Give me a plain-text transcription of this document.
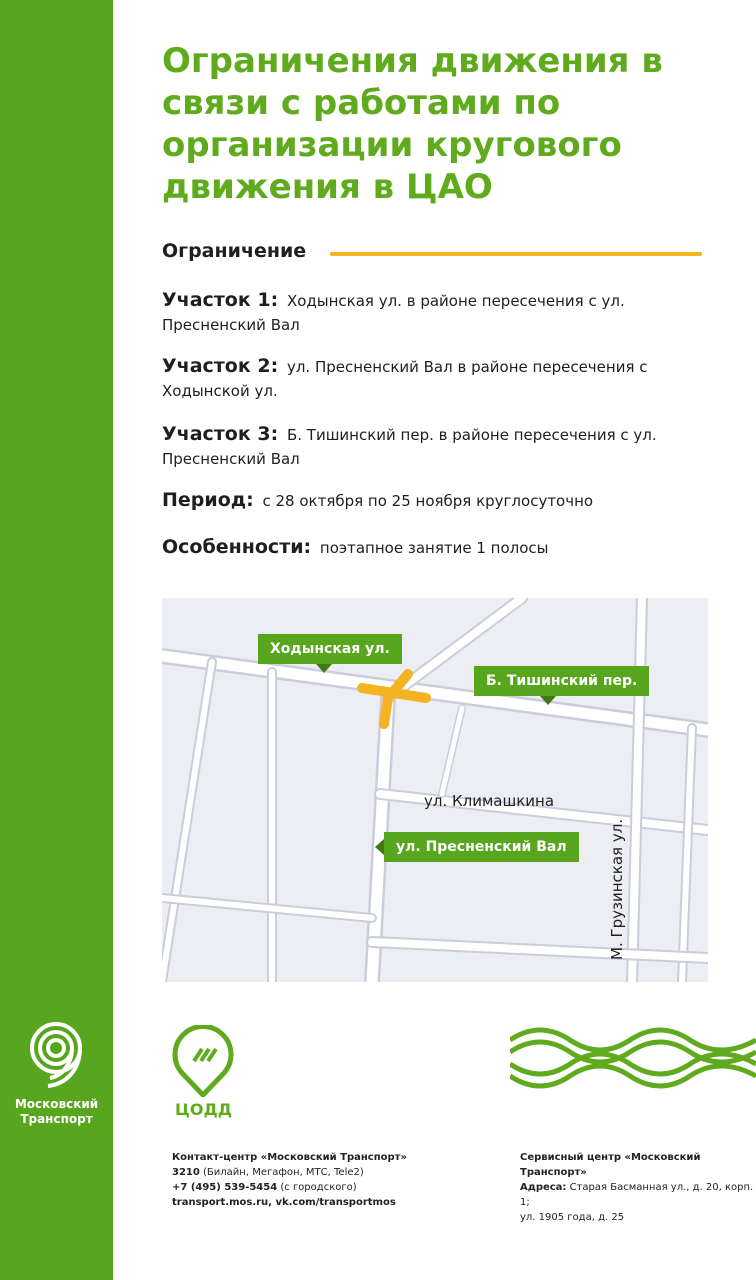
Московский
Транспорт
Ограничения движения в связи с работами по организации кругового движения в ЦАО
Ограничение
Участок 1: Ходынская ул. в районе пересечения с ул. Пресненский Вал
Участок 2: ул. Пресненский Вал в районе пересечения с Ходынской ул.
Участок 3: Б. Тишинский пер. в районе пересечения с ул. Пресненский Вал
Период: с 28 октября по 25 ноября круглосуточно
Особенности: поэтапное занятие 1 полосы
Ходынская ул.
Б. Тишинский пер.
ул. Пресненский Вал
ул. Климашкина
М. Грузинская ул.
ЦОДД
Контакт-центр «Московский Транспорт»
3210 (Билайн, Мегафон, МТС, Tele2)
+7 (495) 539-5454 (с городского)
transport.mos.ru, vk.com/transportmos
Сервисный центр «Московский Транспорт»
Адреса: Старая Басманная ул., д. 20, корп. 1;
ул. 1905 года, д. 25
